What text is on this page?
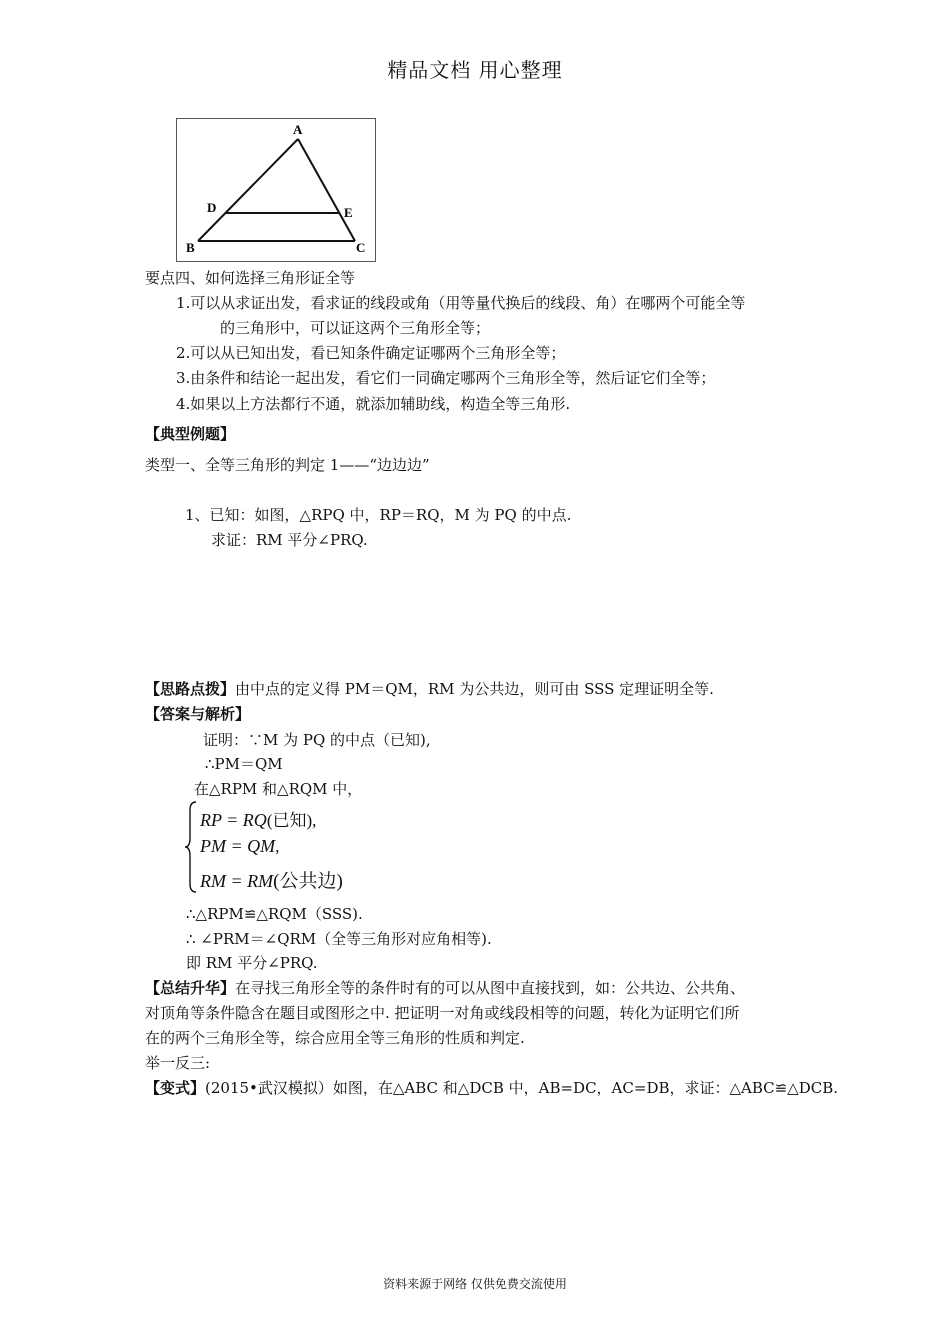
精品文档 用心整理
A
B	C
D	E
要点四、如何选择三角形证全等
1.可以从求证出发，看求证的线段或角（用等量代换后的线段、角）在哪两个可能全等
的三角形中，可以证这两个三角形全等；
2.可以从已知出发，看已知条件确定证哪两个三角形全等；
3.由条件和结论一起出发，看它们一同确定哪两个三角形全等，然后证它们全等；
4.如果以上方法都行不通，就添加辅助线，构造全等三角形.
【典型例题】
类型一、全等三角形的判定 1——“边边边”
1、已知：如图，△RPQ 中，RP＝RQ，M 为 PQ 的中点.
求证：RM 平分∠PRQ.
【思路点拨】由中点的定义得 PM＝QM，RM 为公共边，则可由 SSS 定理证明全等.
【答案与解析】
证明：∵M 为 PQ 的中点（已知),
∴PM＝QM
在△RPM 和△RQM 中，
RP = RQ(已知),
PM = QM,
RM = RM(公共边)
∴△RPM≌△RQM（SSS).
∴ ∠PRM＝∠QRM（全等三角形对应角相等).
即 RM 平分∠PRQ.
【总结升华】在寻找三角形全等的条件时有的可以从图中直接找到，如：公共边、公共角、
对顶角等条件隐含在题目或图形之中. 把证明一对角或线段相等的问题，转化为证明它们所
在的两个三角形全等，综合应用全等三角形的性质和判定.
举一反三:
【变式】(2015•武汉模拟）如图，在△ABC 和△DCB 中，AB=DC，AC=DB，求证：△ABC≌△DCB.
资料来源于网络 仅供免费交流使用
